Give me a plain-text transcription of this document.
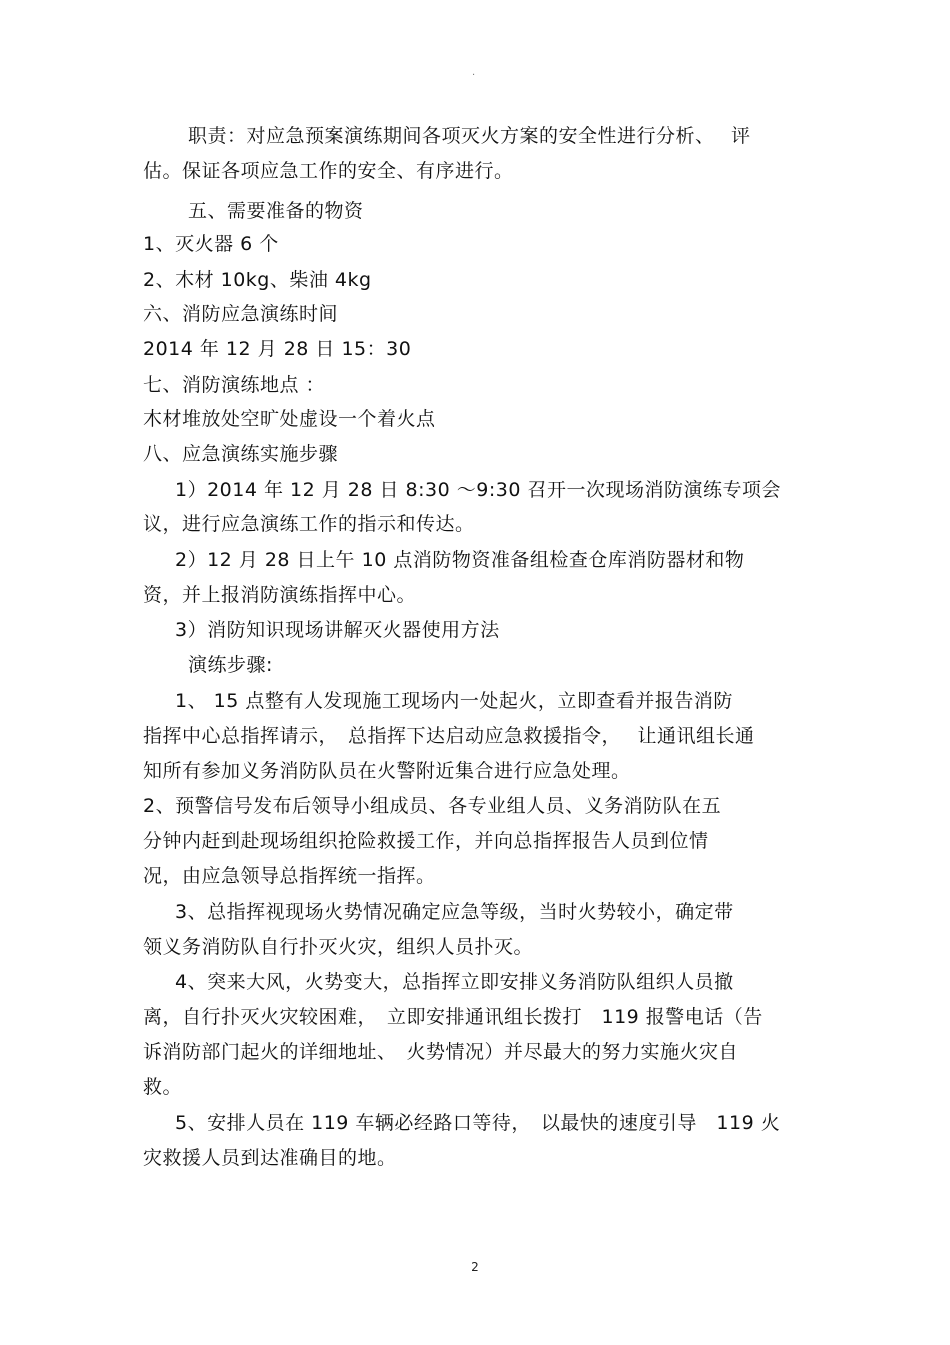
·
职责：对应急预案演练期间各项灭火方案的安全性进行分析、　 评
估。保证各项应急工作的安全、有序进行。
五、需要准备的物资
1、灭火器 6 个
2、木材 10kg、柴油 4kg
六、消防应急演练时间
2014 年 12 月 28 日 15：30
七、消防演练地点 ：
木材堆放处空旷处虚设一个着火点
八、应急演练实施步骤
1）2014 年 12 月 28 日 8:30 ～9:30 召开一次现场消防演练专项会
议，进行应急演练工作的指示和传达。
2）12 月 28 日上午 10 点消防物资准备组检查仓库消防器材和物
资，并上报消防演练指挥中心。
3）消防知识现场讲解灭火器使用方法
演练步骤:
1、 15 点整有人发现施工现场内一处起火，立即查看并报告消防
指挥中心总指挥请示，　总指挥下达启动应急救援指令，　 让通讯组长通
知所有参加义务消防队员在火警附近集合进行应急处理。
2、预警信号发布后领导小组成员、各专业组人员、义务消防队在五
分钟内赶到赴现场组织抢险救援工作，并向总指挥报告人员到位情
况，由应急领导总指挥统一指挥。
3、总指挥视现场火势情况确定应急等级，当时火势较小，确定带
领义务消防队自行扑灭火灾，组织人员扑灭。
4、突来大风，火势变大，总指挥立即安排义务消防队组织人员撤
离，自行扑灭火灾较困难，　立即安排通讯组长拨打　119 报警电话（告
诉消防部门起火的详细地址、　火势情况）并尽最大的努力实施火灾自
救。
5、安排人员在 119 车辆必经路口等待，　以最快的速度引导　119 火
灾救援人员到达准确目的地。
2
